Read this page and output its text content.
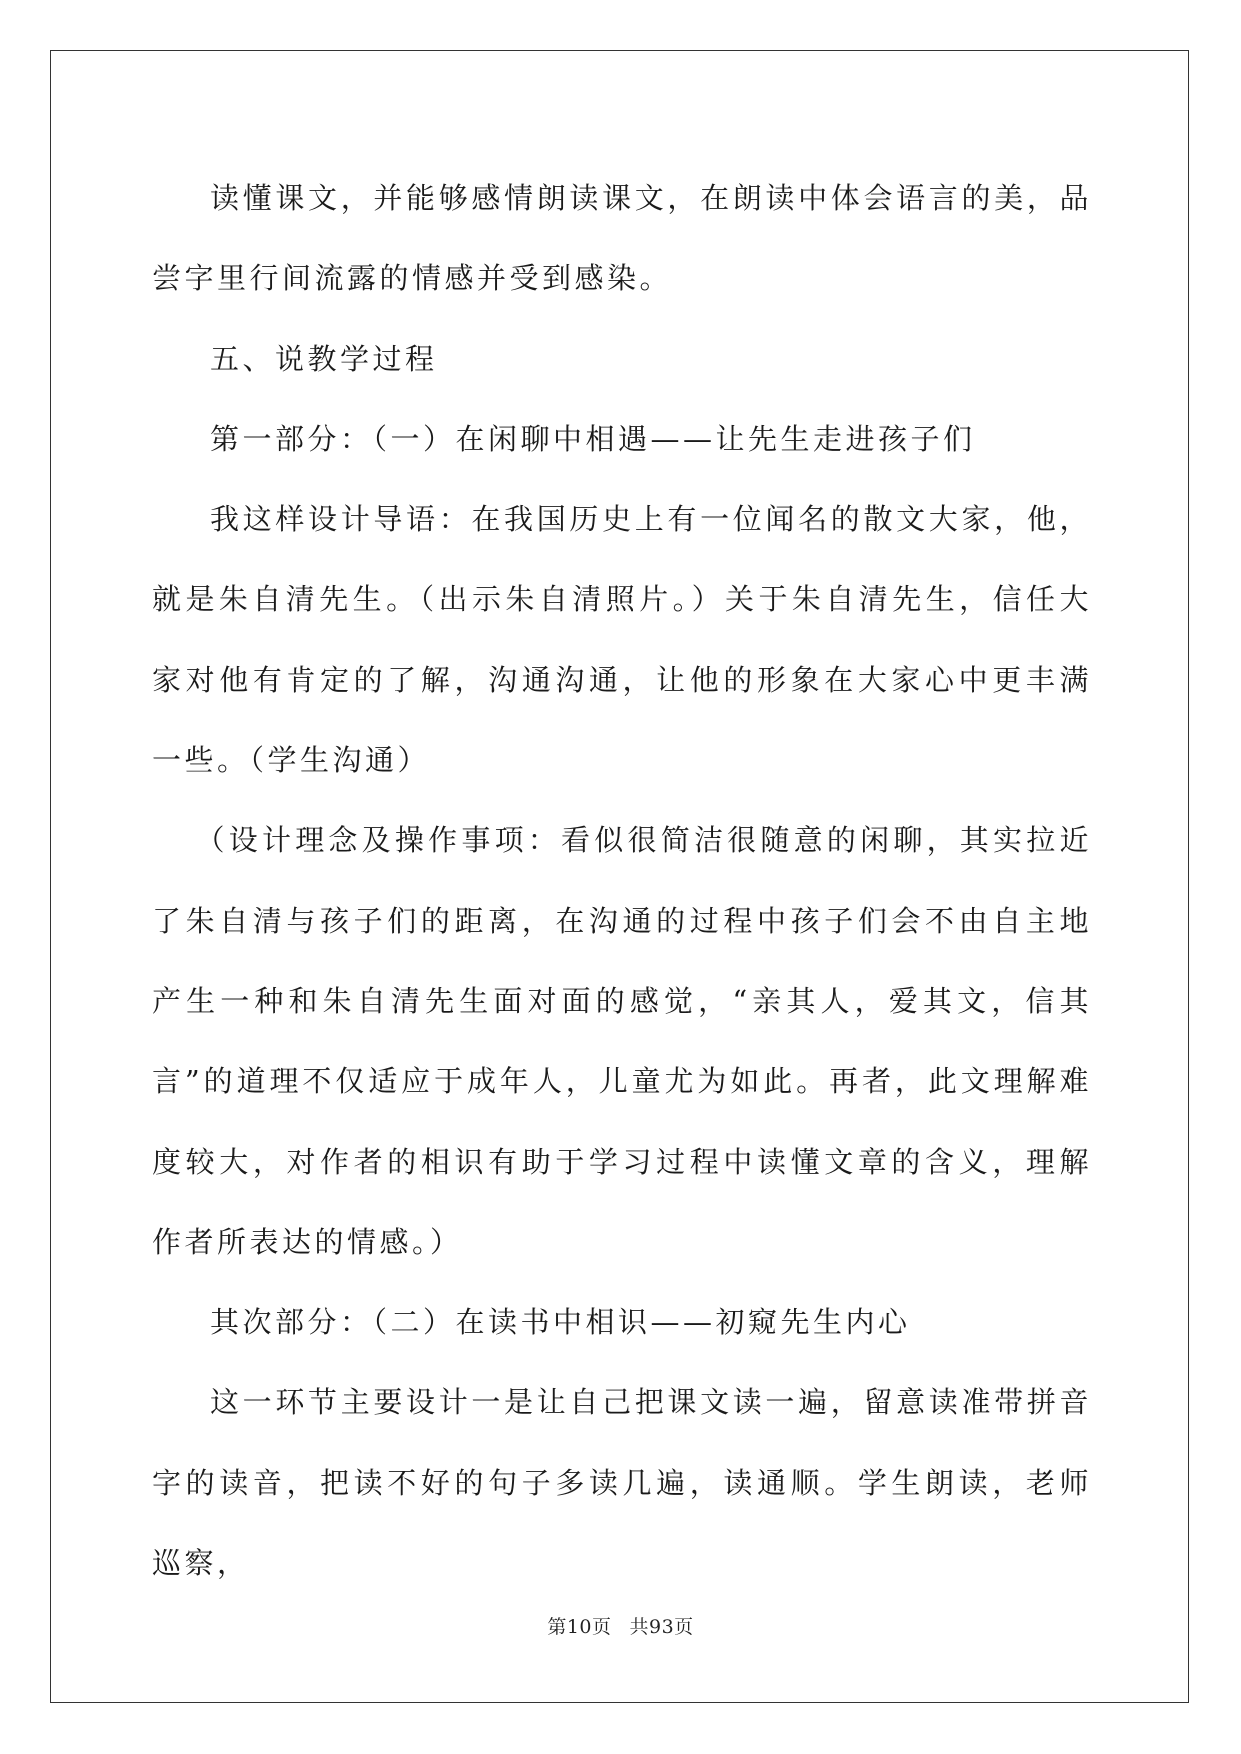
读懂课文，并能够感情朗读课文，在朗读中体会语言的美，品尝字里行间流露的情感并受到感染。

五、说教学过程

第一部分：（一）在闲聊中相遇——让先生走进孩子们

我这样设计导语：在我国历史上有一位闻名的散文大家，他，就是朱自清先生。（出示朱自清照片。）关于朱自清先生，信任大家对他有肯定的了解，沟通沟通，让他的形象在大家心中更丰满一些。（学生沟通）

（设计理念及操作事项：看似很简洁很随意的闲聊，其实拉近了朱自清与孩子们的距离，在沟通的过程中孩子们会不由自主地产生一种和朱自清先生面对面的感觉，“亲其人，爱其文，信其言”的道理不仅适应于成年人，儿童尤为如此。再者，此文理解难度较大，对作者的相识有助于学习过程中读懂文章的含义，理解作者所表达的情感。）

其次部分：（二）在读书中相识——初窥先生内心

这一环节主要设计一是让自己把课文读一遍，留意读准带拼音字的读音，把读不好的句子多读几遍，读通顺。学生朗读，老师巡察，

第10页 共93页
